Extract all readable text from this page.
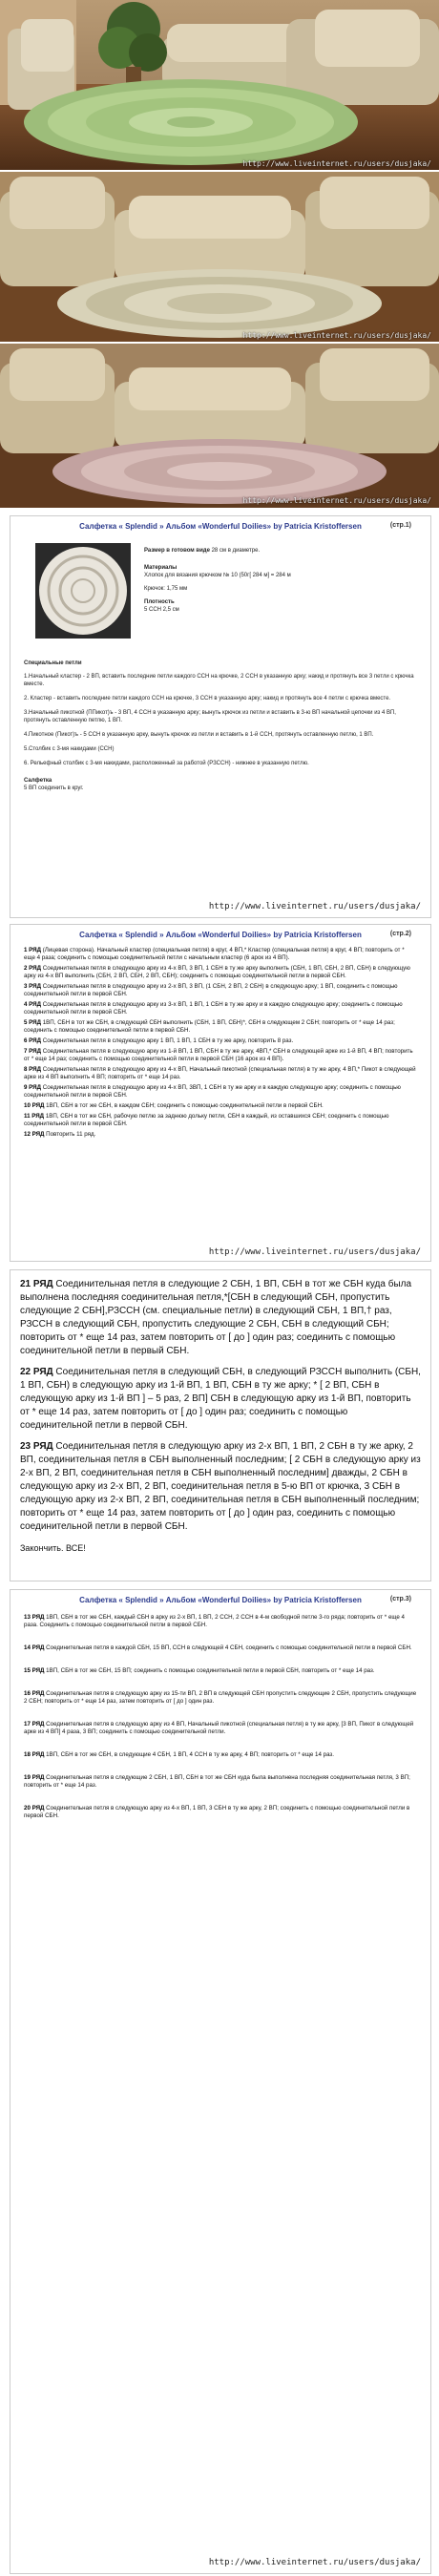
http://www.liveinternet.ru/users/dusjaka/
http://www.liveinternet.ru/users/dusjaka/
http://www.liveinternet.ru/users/dusjaka/
Салфетка « Splendid » Альбом «Wonderful Doilies» by Patricia Kristoffersen	(стр.1)
Размер в готовом виде 28 см в диаметре.
Материалы
Хлопок для вязания крючком № 10 (50г[ 284 м] = 284 м
Крючок: 1,75 мм
Плотность
5 ССН 2,5 см
Специальные петли
1.Начальный кластер - 2 ВП, вставить последние петли каждого ССН на крючке, 2 ССН в указанную арку; накид и протянуть все 3 петли с крючка вместе.
2. Кластер - вставить последние петли каждого ССН на крючке, 3 ССН в указанную арку; накид и протянуть все 4 петли с крючка вместе.
3.Начальный пикотной (ППикот)ъ - 3 ВП, 4 ССН в указанную арку; вынуть крючок из петли и вставить в 3-ю ВП начальной цепочки из 4 ВП, протянуть оставленную петлю, 1 ВП.
4.Пикотное (Пикот)ъ - 5 ССН в указанную арку, вынуть крючок из петли и вставить в 1-й ССН, протянуть оставленную петлю, 1 ВП.
5.Столбик с 3-мя накидами (ССН)
6. Рельефный столбик с 3-мя накидами, расположенный за работой (РЗССН) - нижнее в указанную петлю.
Салфетка
5 ВП соединить в круг.
http://www.liveinternet.ru/users/dusjaka/
Салфетка « Splendid » Альбом «Wonderful Doilies» by Patricia Kristoffersen	(стр.2)
1 РЯД (Лицевая сторона). Начальный кластер (специальная петля) в круг, 4 ВП,* Кластер (специальная петля) в круг, 4 ВП; повторить от * еще 4 раза; соединить с помощью соединительной петли с начальным кластер (6 арок из 4 ВП).
2 РЯД Соединительная петля в следующую арку из 4-х ВП, 3 ВП, 1 СБН в ту же арку выполнить (СБН, 1 ВП, СБН, 2 ВП, СБН) в следующую арку из 4-х ВП выполнить (СБН, 2 ВП, СБН, 2 ВП, СБН); соединить с помощью соединительной петли в первой СБН.
3 РЯД Соединительная петля в следующую арку из 2-х ВП, 3 ВП, (1 СБН, 2 ВП, 2 СБН) в следующую арку; 1 ВП, соединить с помощью соединительной петли в первой СБН.
4 РЯД Соединительная петля в следующую арку из 3-х ВП, 1 ВП, 1 СБН в ту же арку и в каждую следующую арку; соединить с помощью соединительной петли в первой СБН.
5 РЯД 1ВП, СБН в тот же СБН, в следующий СБН выполнить (СБН, 1 ВП, СБН)*, СБН в следующем 2 СБН; повторить от * еще 14 раз; соединить с помощью соединительной петли в первой СБН.
6 РЯД Соединительная петля в следующую арку 1 ВП, 1 ВП, 1 СБН в ту же арку, повторить 8 раз.
7 РЯД Соединительная петля в следующую арку из 1-й ВП, 1 ВП, СБН в ту же арку, 4ВП,* СБН в следующей арке из 1-й ВП, 4 ВП; повторить от * еще 14 раз; соединить с помощью соединительной петли в первой СБН (16 арок из 4 ВП).
8 РЯД Соединительная петля в следующую арку из 4-х ВП, Начальный пикотной (специальная петля) в ту же арку, 4 ВП,* Пикот в следующей арке из 4 ВП выполнить 4 ВП; повторить от * еще 14 раз.
9 РЯД Соединительная петля в следующую арку из 4-х ВП, 3ВП, 1 СБН в ту же арку и в каждую следующую арку; соединить с помощью соединительной петли в первой СБН.
10 РЯД 1ВП, СБН в тот же СБН, в каждом СБН; соединить с помощью соединительной петли в первой СБН.
11 РЯД 1ВП, СБН в тот же СБН, рабочую петлю за заднюю дольку петли, СБН в каждый, из оставшихся СБН; соединить с помощью соединительной петли в первой СБН.
12 РЯД Повторить 11 ряд.
http://www.liveinternet.ru/users/dusjaka/
21 РЯД Соединительная петля в следующие 2 СБН, 1 ВП, СБН в тот же СБН куда была выполнена последняя соединительная петля,*[СБН в следующий СБН, пропустить следующие 2 СБН],РЗССН (см. специальные петли) в следующий СБН, 1 ВП,† раз, РЗССН в следующий СБН, пропустить следующие 2 СБН, СБН в следующий СБН; повторить от * еще 14 раз, затем повторить от [ до ] один раз; соединить с помощью соединительной петли в первый СБН.
22 РЯД Соединительная петля в следующий СБН, в следующий РЗССН выполнить (СБН, 1 ВП, СБН) в следующую арку из 1-й ВП, 1 ВП, СБН в ту же арку; * [ 2 ВП, СБН в следующую арку из 1-й ВП ] – 5 раз, 2 ВП] СБН в следующую арку из 1-й ВП, повторить от * еще 14 раз, затем повторить от [ до ] один раз; соединить с помощью соединительной петли в первой СБН.
23 РЯД Соединительная петля в следующую арку из 2-х ВП, 1 ВП, 2 СБН в ту же арку, 2 ВП, соединительная петля в СБН выполненный последним; [ 2 СБН в следующую арку из 2-х ВП, 2 ВП, соединительная петля в СБН выполненный последним] дважды, 2 СБН в следующую арку из 2-х ВП, 2 ВП, соединительная петля в 5-ю ВП от крючка, 3 СБН в следующую арку из 2-х ВП, 2 ВП, соединительная петля в СБН выполненный последним; повторить от * еще 14 раз, затем повторить от [ до ] один раз, соединить с помощью соединительной петли в первой СБН.
Закончить. ВСЕ!
Салфетка « Splendid » Альбом «Wonderful Doilies» by Patricia Kristoffersen	(стр.3)
13 РЯД 1ВП, СБН в тот же СБН, каждый СБН в арку из 2-х ВП, 1 ВП, 2 ССН, 2 ССН в 4-м свободной петле 3-го ряда; повторить от * еще 4 раза. Соединить с помощью соединительной петли в первой СБН.
14 РЯД Соединительная петля в каждой СБН, 15 ВП, ССН в следующей 4 СБН, соединить с помощью соединительной петли в первой СБН.
15 РЯД 1ВП, СБН в тот же СБН, 15 ВП; соединить с помощью соединительной петли в первой СБН, повторить от * еще 14 раз.
16 РЯД Соединительная петля в следующую арку из 15-ти ВП, 2 ВП в следующей СБН пропустить следующие 2 СБН, пропустить следующие 2 СБН; повторить от * еще 14 раз, затем повторить от [ до ] один раз.
17 РЯД Соединительная петля в следующую арку из 4 ВП, Начальный пикотной (специальная петля) в ту же арку, [3 ВП, Пикот в следующей арке из 4 ВП] 4 раза, 3 ВП; соединить с помощью соединительной петли.
18 РЯД 1ВП, СБН в тот же СБН, в следующие 4 СБН, 1 ВП, 4 ССН в ту же арку, 4 ВП; повторить от * еще 14 раз.
19 РЯД Соединительная петля в следующие 2 СБН, 1 ВП, СБН в тот же СБН куда была выполнена последняя соединительная петля, 3 ВП; повторить от * еще 14 раз.
20 РЯД Соединительная петля в следующую арку из 4-х ВП, 1 ВП, 3 СБН в ту же арку, 2 ВП; соединить с помощью соединительной петли в первой СБН.
http://www.liveinternet.ru/users/dusjaka/
